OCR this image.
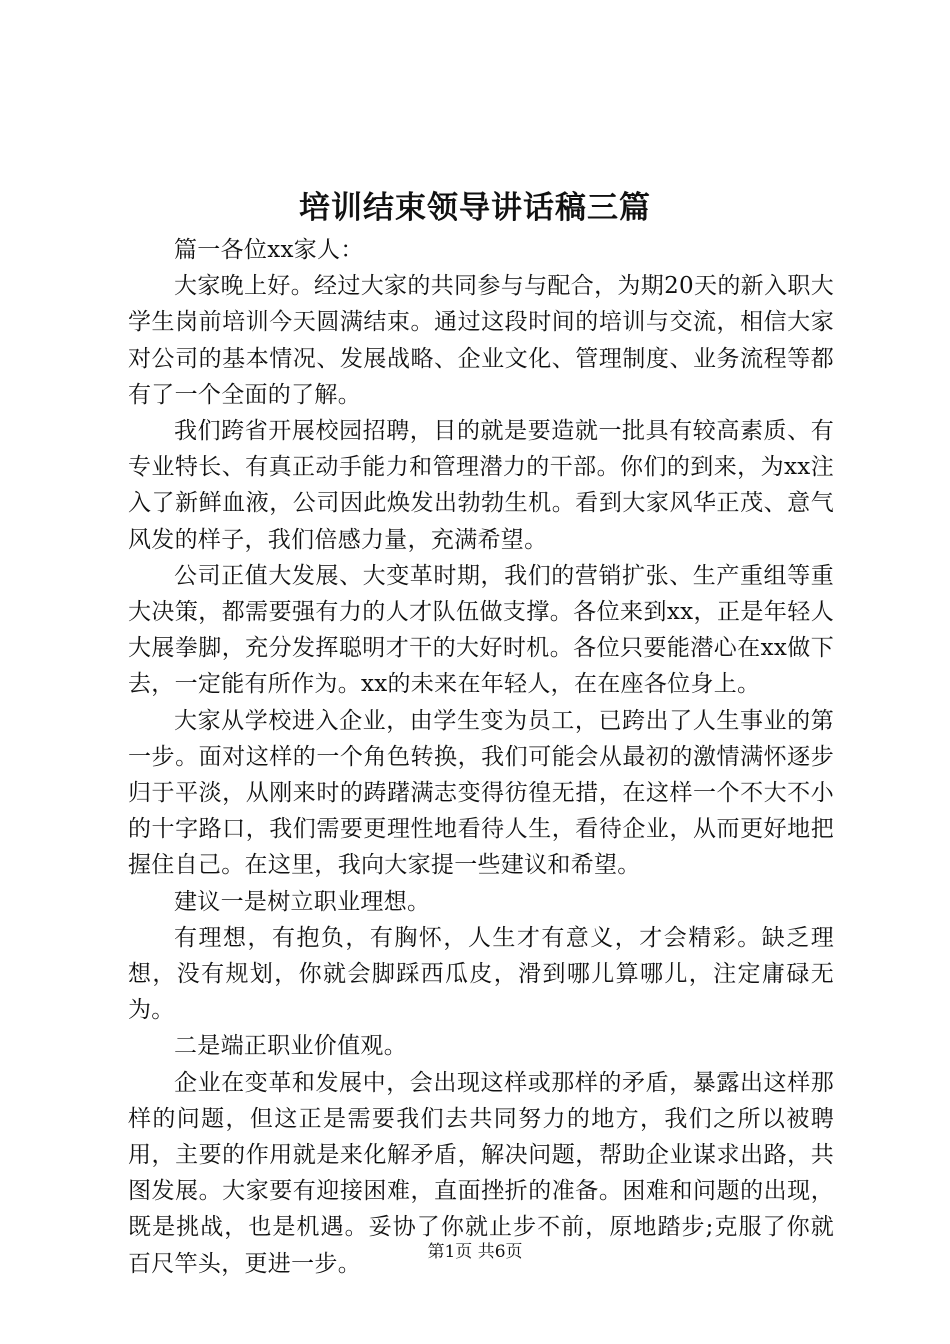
培训结束领导讲话稿三篇

篇一各位xx家人：

大家晚上好。经过大家的共同参与与配合，为期20天的新入职大学生岗前培训今天圆满结束。通过这段时间的培训与交流，相信大家对公司的基本情况、发展战略、企业文化、管理制度、业务流程等都有了一个全面的了解。

我们跨省开展校园招聘，目的就是要造就一批具有较高素质、有专业特长、有真正动手能力和管理潜力的干部。你们的到来，为xx注入了新鲜血液，公司因此焕发出勃勃生机。看到大家风华正茂、意气风发的样子，我们倍感力量，充满希望。

公司正值大发展、大变革时期，我们的营销扩张、生产重组等重大决策，都需要强有力的人才队伍做支撑。各位来到xx，正是年轻人大展拳脚，充分发挥聪明才干的大好时机。各位只要能潜心在xx做下去，一定能有所作为。xx的未来在年轻人，在在座各位身上。

大家从学校进入企业，由学生变为员工，已跨出了人生事业的第一步。面对这样的一个角色转换，我们可能会从最初的激情满怀逐步归于平淡，从刚来时的踌躇满志变得彷徨无措，在这样一个不大不小的十字路口，我们需要更理性地看待人生，看待企业，从而更好地把握住自己。在这里，我向大家提一些建议和希望。

建议一是树立职业理想。

有理想，有抱负，有胸怀，人生才有意义，才会精彩。缺乏理想，没有规划，你就会脚踩西瓜皮，滑到哪儿算哪儿，注定庸碌无为。

二是端正职业价值观。

企业在变革和发展中，会出现这样或那样的矛盾，暴露出这样那样的问题，但这正是需要我们去共同努力的地方，我们之所以被聘用，主要的作用就是来化解矛盾，解决问题，帮助企业谋求出路，共图发展。大家要有迎接困难，直面挫折的准备。困难和问题的出现，既是挑战，也是机遇。妥协了你就止步不前，原地踏步;克服了你就百尺竿头，更进一步。	第1页 共6页
